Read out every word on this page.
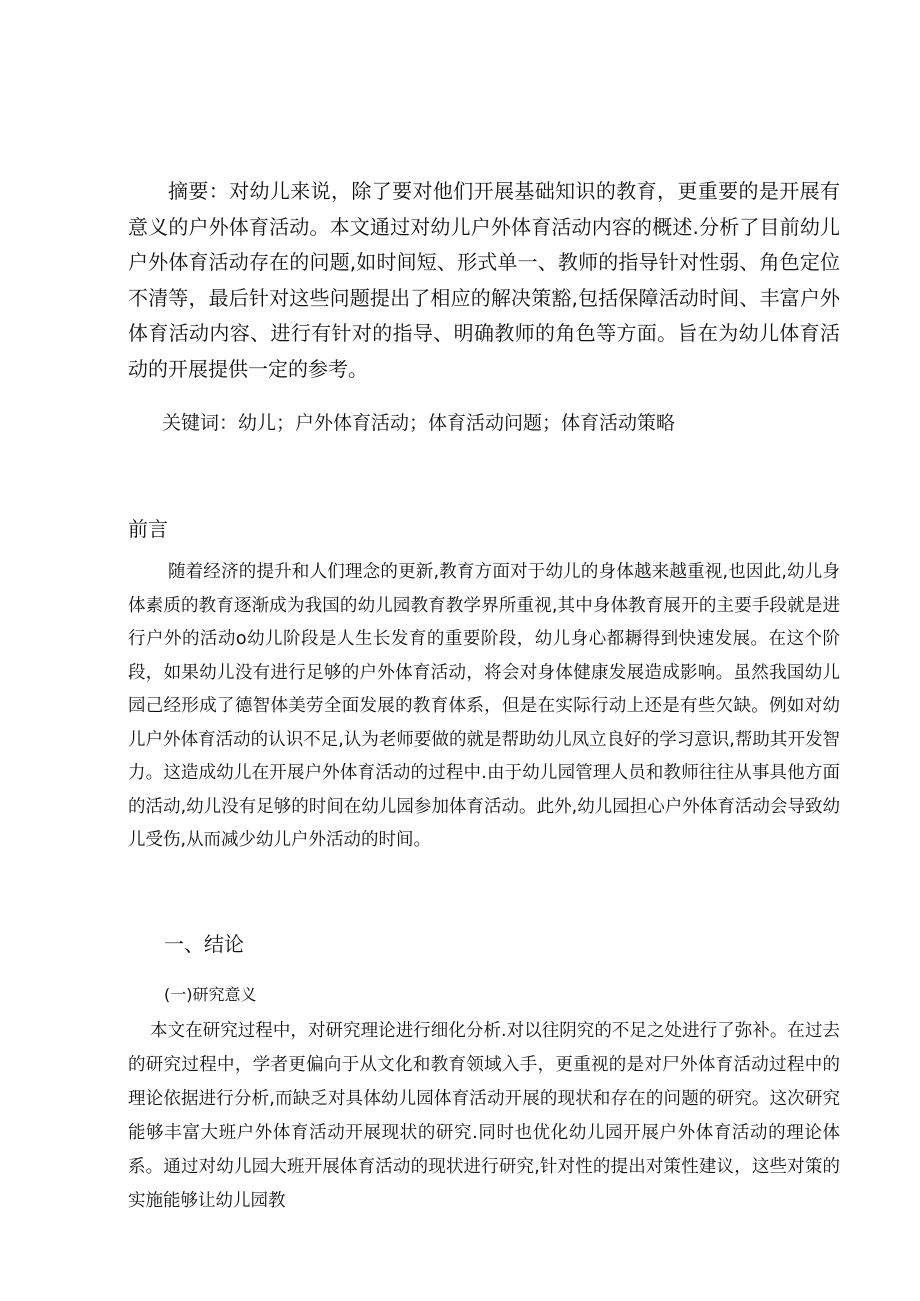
摘要：对幼儿来说，除了要对他们开展基础知识的教育，更重要的是开展有意义的户外体育活动。本文通过对幼儿户外体育活动内容的概述.分析了目前幼儿户外体育活动存在的问题,如时间短、形式单一、教师的指导针对性弱、角色定位不清等，最后针对这些问题提出了相应的解决策豁,包括保障活动时间、丰富户外体育活动内容、进行有针对的指导、明确教师的角色等方面。旨在为幼儿体育活动的开展提供一定的参考。

关键词：幼儿；户外体育活动；体育活动问题；体育活动策略

前言

随着经济的提升和人们理念的更新,教育方面对于幼儿的身体越来越重视,也因此,幼儿身体素质的教育逐渐成为我国的幼儿园教育教学界所重视,其中身体教育展开的主要手段就是进行户外的活动o幼儿阶段是人生长发育的重要阶段，幼儿身心都耨得到快速发展。在这个阶段，如果幼儿没有进行足够的户外体育活动，将会对身体健康发展造成影响。虽然我国幼儿园己经形成了德智体美劳全面发展的教育体系，但是在实际行动上还是有些欠缺。例如对幼儿户外体育活动的认识不足,认为老师要做的就是帮助幼儿凤立良好的学习意识,帮助其开发智力。这造成幼儿在开展户外体育活动的过程中.由于幼儿园管理人员和教师往往从事具他方面的活动,幼儿没有足够的时间在幼儿园参加体育活动。此外,幼儿园担心户外体育活动会导致幼儿受伤,从而减少幼儿户外活动的时间。

一、结论
(一)研究意义

本文在研究过程中，对研究理论进行细化分析.对以往阴究的不足之处进行了弥补。在过去的研究过程中，学者更偏向于从文化和教育领域入手，更重视的是对尸外体育活动过程中的理论依据进行分析,而缺乏对具体幼儿园体育活动开展的现状和存在的问题的研究。这次研究能够丰富大班户外体育活动开展现状的研究.同时也优化幼儿园开展户外体育活动的理论体系。通过对幼儿园大班开展体育活动的现状进行研究,针对性的提出对策性建议，这些对策的实施能够让幼儿园教
